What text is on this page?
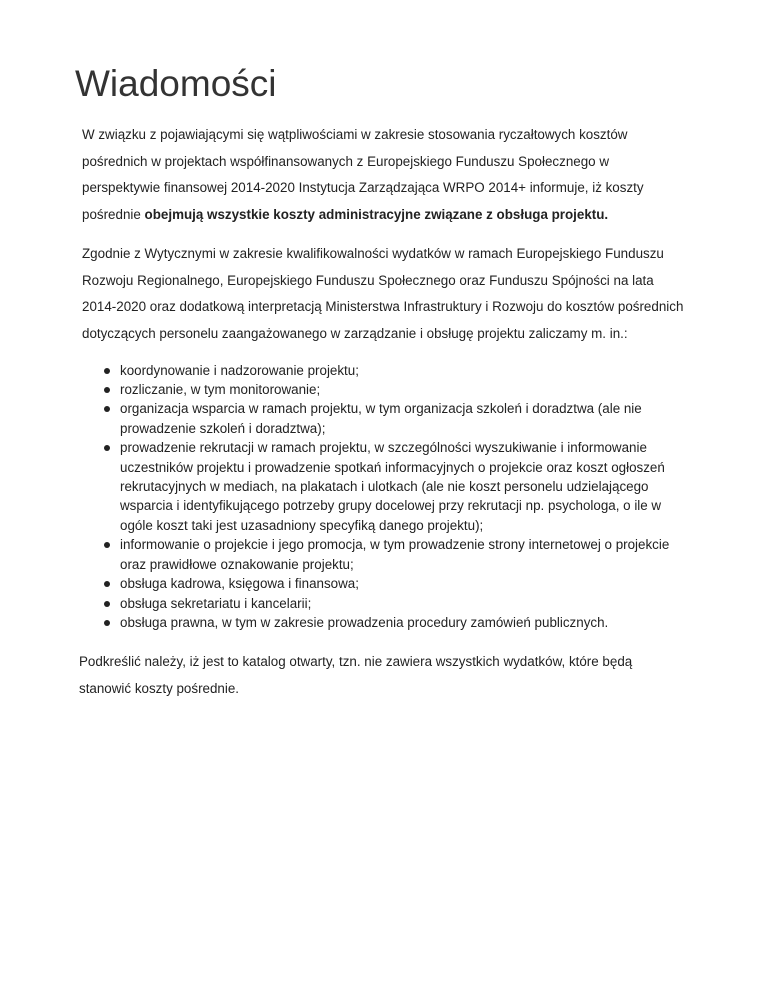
Wiadomości

W związku z pojawiającymi się wątpliwościami w zakresie stosowania ryczałtowych kosztów pośrednich w projektach współfinansowanych z Europejskiego Funduszu Społecznego w perspektywie finansowej 2014-2020 Instytucja Zarządzająca WRPO 2014+ informuje, iż koszty pośrednie obejmują wszystkie koszty administracyjne związane z obsługa projektu.

Zgodnie z Wytycznymi w zakresie kwalifikowalności wydatków w ramach Europejskiego Funduszu Rozwoju Regionalnego, Europejskiego Funduszu Społecznego oraz Funduszu Spójności na lata 2014-2020 oraz dodatkową interpretacją Ministerstwa Infrastruktury i Rozwoju do kosztów pośrednich dotyczących personelu zaangażowanego w zarządzanie i obsługę projektu zaliczamy m. in.:

koordynowanie i nadzorowanie projektu;
rozliczanie, w tym monitorowanie;
organizacja wsparcia w ramach projektu, w tym organizacja szkoleń i doradztwa (ale nie prowadzenie szkoleń i doradztwa);
prowadzenie rekrutacji w ramach projektu, w szczególności wyszukiwanie i informowanie uczestników projektu i prowadzenie spotkań informacyjnych o projekcie oraz koszt ogłoszeń rekrutacyjnych w mediach, na plakatach i ulotkach (ale nie koszt personelu udzielającego wsparcia i identyfikującego potrzeby grupy docelowej przy rekrutacji np. psychologa, o ile w ogóle koszt taki jest uzasadniony specyfiką danego projektu);
informowanie o projekcie i jego promocja, w tym prowadzenie strony internetowej o projekcie oraz prawidłowe oznakowanie projektu;
obsługa kadrowa, księgowa i finansowa;
obsługa sekretariatu i kancelarii;
obsługa prawna, w tym w zakresie prowadzenia procedury zamówień publicznych.

Podkreślić należy, iż jest to katalog otwarty, tzn. nie zawiera wszystkich wydatków, które będą stanowić koszty pośrednie.
